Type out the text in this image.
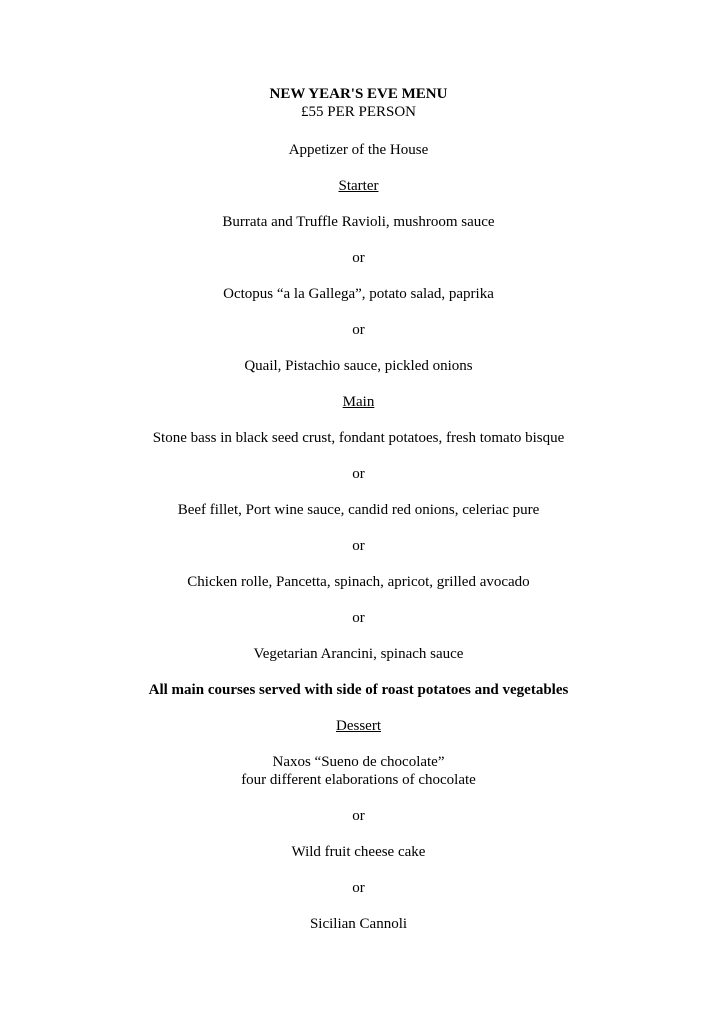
NEW YEAR'S EVE MENU
£55 PER PERSON
Appetizer of the House
Starter
Burrata and Truffle Ravioli, mushroom sauce
or
Octopus “a la Gallega”, potato salad, paprika
or
Quail, Pistachio sauce, pickled onions
Main
Stone bass in black seed crust, fondant potatoes, fresh tomato bisque
or
Beef fillet, Port wine sauce, candid red onions, celeriac pure
or
Chicken rolle, Pancetta, spinach, apricot, grilled avocado
or
Vegetarian Arancini, spinach sauce
All main courses served with side of roast potatoes and vegetables
Dessert
Naxos “Sueno de chocolate”
four different elaborations of chocolate
or
Wild fruit cheese cake
or
Sicilian Cannoli
